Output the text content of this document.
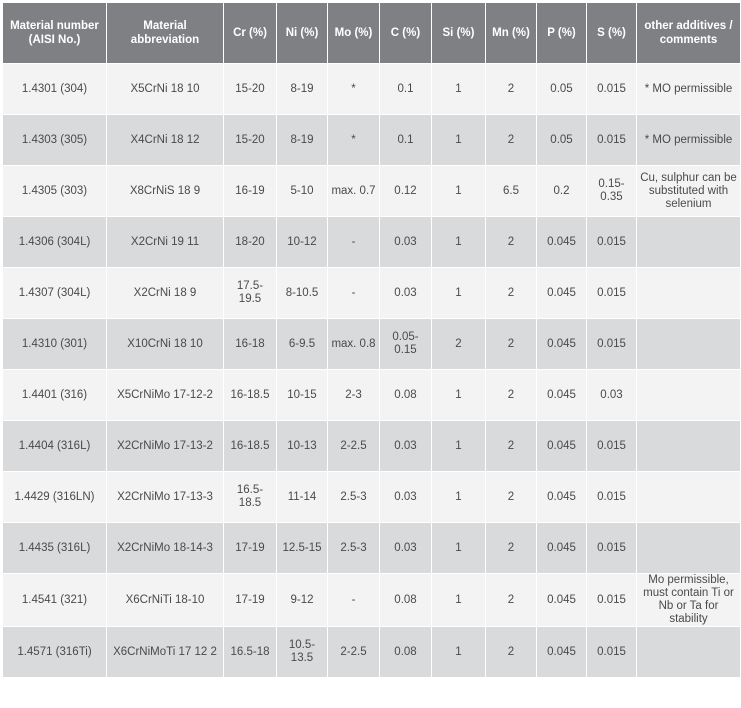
Material number (AISI No.)	Material abbreviation	Cr (%)	Ni (%)	Mo (%)	C (%)	Si (%)	Mn (%)	P (%)	S (%)	other additives / comments
1.4301 (304)	X5CrNi 18 10	15-20	8-19	*	0.1	1	2	0.05	0.015	* MO permissible
1.4303 (305)	X4CrNi 18 12	15-20	8-19	*	0.1	1	2	0.05	0.015	* MO permissible
1.4305 (303)	X8CrNiS 18 9	16-19	5-10	max. 0.7	0.12	1	6.5	0.2	0.15-0.35	Cu, sulphur can be substituted with selenium
1.4306 (304L)	X2CrNi 19 11	18-20	10-12	-	0.03	1	2	0.045	0.015	
1.4307 (304L)	X2CrNi 18 9	17.5-19.5	8-10.5	-	0.03	1	2	0.045	0.015	
1.4310 (301)	X10CrNi 18 10	16-18	6-9.5	max. 0.8	0.05-0.15	2	2	0.045	0.015	
1.4401 (316)	X5CrNiMo 17-12-2	16-18.5	10-15	2-3	0.08	1	2	0.045	0.03	
1.4404 (316L)	X2CrNiMo 17-13-2	16-18.5	10-13	2-2.5	0.03	1	2	0.045	0.015	
1.4429 (316LN)	X2CrNiMo 17-13-3	16.5-18.5	11-14	2.5-3	0.03	1	2	0.045	0.015	
1.4435 (316L)	X2CrNiMo 18-14-3	17-19	12.5-15	2.5-3	0.03	1	2	0.045	0.015	
1.4541 (321)	X6CrNiTi 18-10	17-19	9-12	-	0.08	1	2	0.045	0.015	Mo permissible, must contain Ti or Nb or Ta for stability
1.4571 (316Ti)	X6CrNiMoTi 17 12 2	16.5-18	10.5-13.5	2-2.5	0.08	1	2	0.045	0.015	
